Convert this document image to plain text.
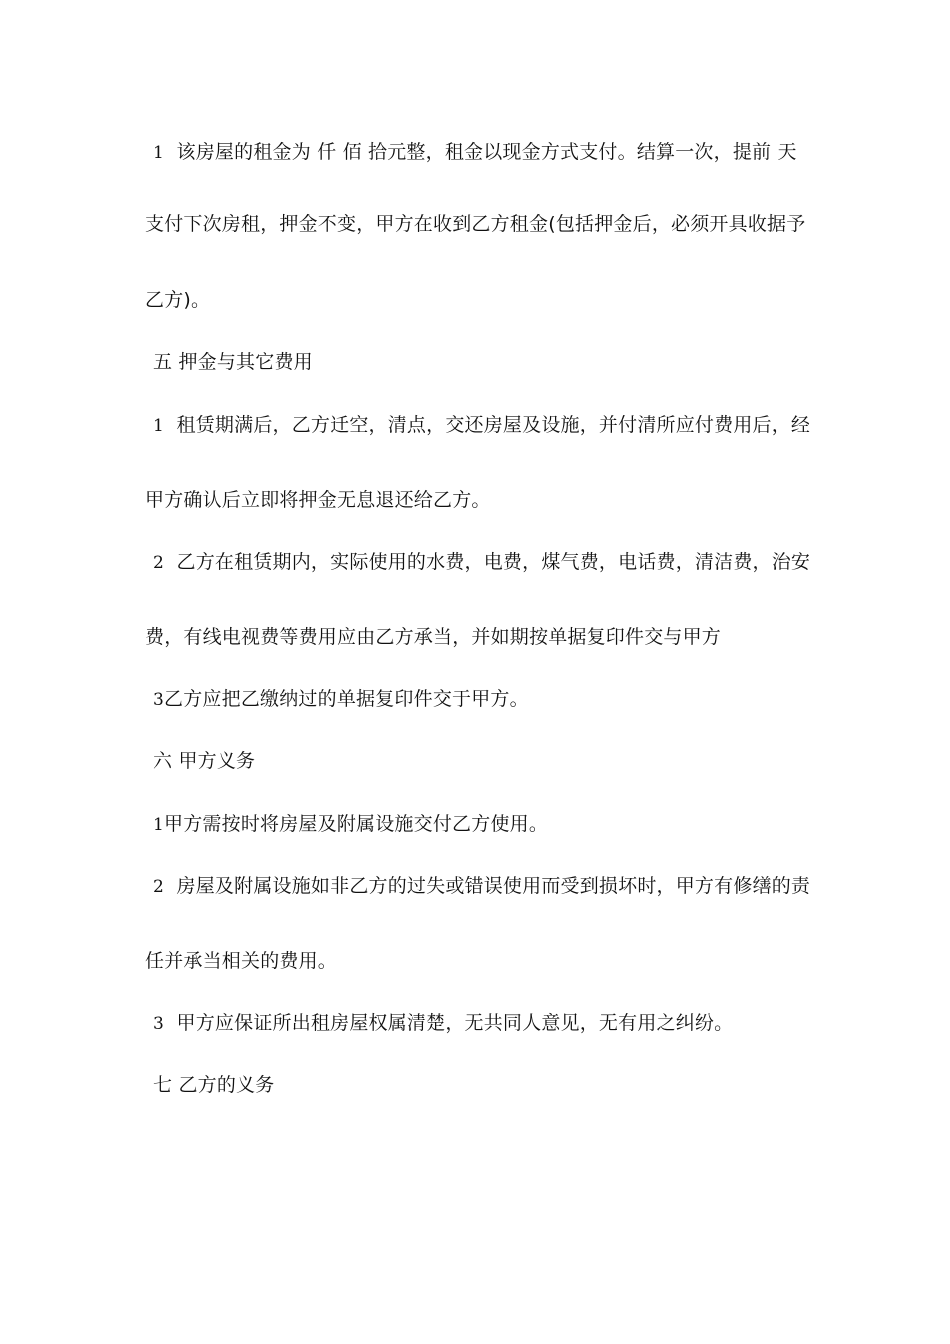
1 该房屋的租金为 仟 佰 拾元整，租金以现金方式支付。结算一次，提前 天
支付下次房租，押金不变，甲方在收到乙方租金(包括押金后，必须开具收据予
乙方)。
五 押金与其它费用
1 租赁期满后，乙方迁空，清点，交还房屋及设施，并付清所应付费用后，经
甲方确认后立即将押金无息退还给乙方。
2 乙方在租赁期内，实际使用的水费，电费，煤气费，电话费，清洁费，治安
费，有线电视费等费用应由乙方承当，并如期按单据复印件交与甲方
3乙方应把乙缴纳过的单据复印件交于甲方。
六 甲方义务
1甲方需按时将房屋及附属设施交付乙方使用。
2 房屋及附属设施如非乙方的过失或错误使用而受到损坏时，甲方有修缮的责
任并承当相关的费用。
3 甲方应保证所出租房屋权属清楚，无共同人意见，无有用之纠纷。
七 乙方的义务
